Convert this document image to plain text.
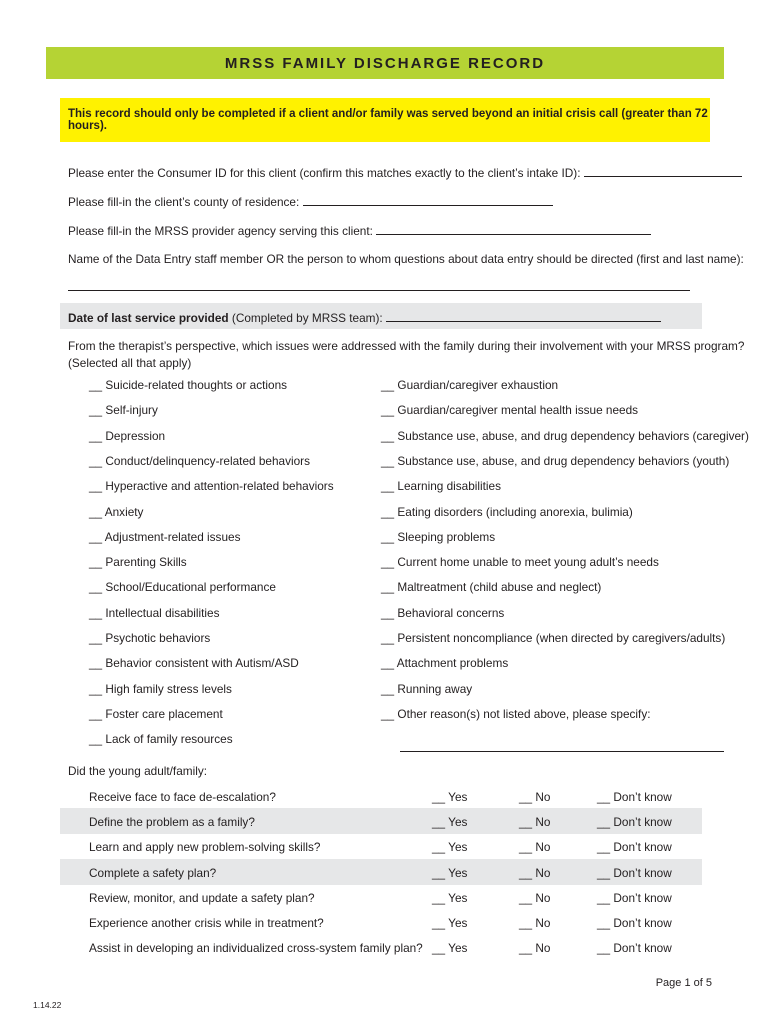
MRSS FAMILY DISCHARGE RECORD
This record should only be completed if a client and/or family was served beyond an initial crisis call (greater than 72 hours).
Please enter the Consumer ID for this client (confirm this matches exactly to the client’s intake ID):
Please fill-in the client’s county of residence:
Please fill-in the MRSS provider agency serving this client:
Name of the Data Entry staff member OR the person to whom questions about data entry should be directed (first and last name):
Date of last service provided (Completed by MRSS team):
From the therapist’s perspective, which issues were addressed with the family during their involvement with your MRSS program?
(Selected all that apply)
__ Suicide-related thoughts or actions
__ Self-injury
__ Depression
__ Conduct/delinquency-related behaviors
__ Hyperactive and attention-related behaviors
__ Anxiety
__ Adjustment-related issues
__ Parenting Skills
__ School/Educational performance
__ Intellectual disabilities
__ Psychotic behaviors
__ Behavior consistent with Autism/ASD
__ High family stress levels
__ Foster care placement
__ Lack of family resources
__ Guardian/caregiver exhaustion
__ Guardian/caregiver mental health issue needs
__ Substance use, abuse, and drug dependency behaviors (caregiver)
__ Substance use, abuse, and drug dependency behaviors (youth)
__ Learning disabilities
__ Eating disorders (including anorexia, bulimia)
__ Sleeping problems
__ Current home unable to meet young adult’s needs
__ Maltreatment (child abuse and neglect)
__ Behavioral concerns
__ Persistent noncompliance (when directed by caregivers/adults)
__ Attachment problems
__ Running away
__ Other reason(s) not listed above, please specify:
Did the young adult/family:
Receive face to face de-escalation?	__ Yes	__ No	__ Don’t know
Define the problem as a family?	__ Yes	__ No	__ Don’t know
Learn and apply new problem-solving skills?	__ Yes	__ No	__ Don’t know
Complete a safety plan?	__ Yes	__ No	__ Don’t know
Review, monitor, and update a safety plan?	__ Yes	__ No	__ Don’t know
Experience another crisis while in treatment?	__ Yes	__ No	__ Don’t know
Assist in developing an individualized cross-system family plan? __ Yes	__ No	__ Don’t know
Page 1 of 5
1.14.22
